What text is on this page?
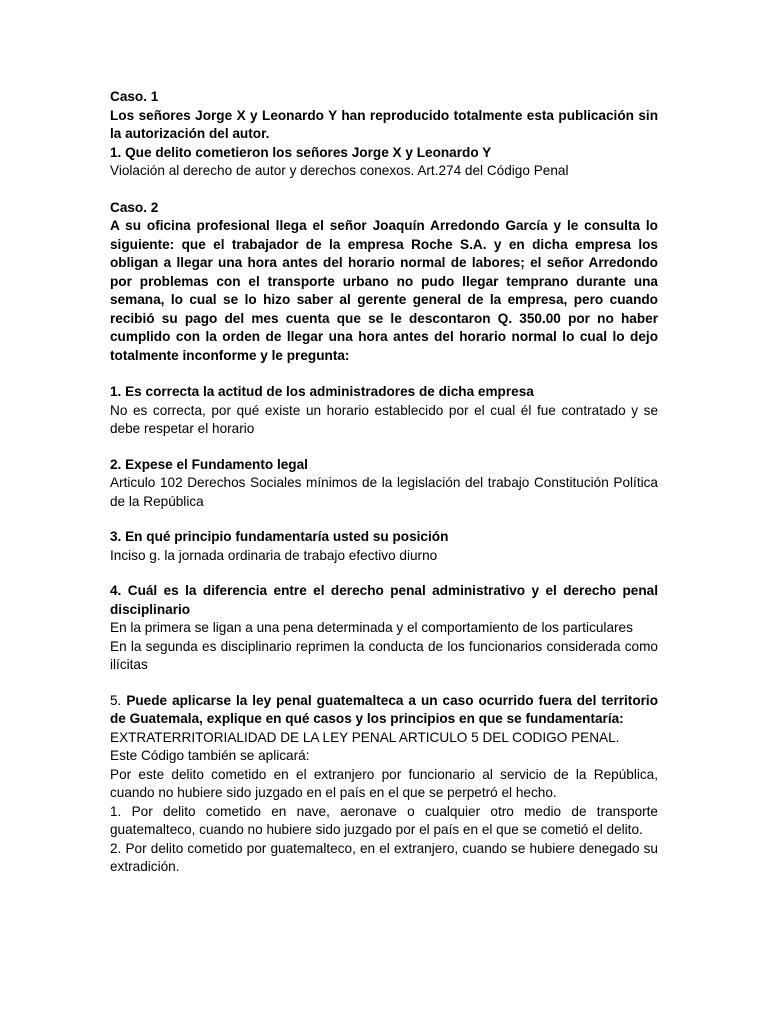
Caso. 1
Los señores Jorge X y Leonardo Y han reproducido totalmente esta publicación sin la autorización del autor.
1. Que delito cometieron los señores Jorge X y Leonardo Y
Violación al derecho de autor y derechos conexos. Art.274 del Código Penal
Caso. 2
A su oficina profesional llega el señor Joaquín Arredondo García y le consulta lo siguiente: que el trabajador de la empresa Roche S.A. y en dicha empresa los obligan a llegar una hora antes del horario normal de labores; el señor Arredondo por problemas con el transporte urbano no pudo llegar temprano durante una semana, lo cual se lo hizo saber al gerente general de la empresa, pero cuando recibió su pago del mes cuenta que se le descontaron Q. 350.00 por no haber cumplido con la orden de llegar una hora antes del horario normal lo cual lo dejo totalmente inconforme y le pregunta:
1. Es correcta la actitud de los administradores de dicha empresa
No es correcta, por qué existe un horario establecido por el cual él fue contratado y se debe respetar el horario
2. Expese el Fundamento legal
Articulo 102 Derechos Sociales mínimos de la legislación del trabajo Constitución Política de la República
3. En qué principio fundamentaría usted su posición
Inciso g. la jornada ordinaria de trabajo efectivo diurno
4. Cuál es la diferencia entre el derecho penal administrativo y el derecho penal disciplinario
En la primera se ligan a una pena determinada y el comportamiento de los particulares
En la segunda es disciplinario reprimen la conducta de los funcionarios considerada como ilícitas
5. Puede aplicarse la ley penal guatemalteca a un caso ocurrido fuera del territorio de Guatemala, explique en qué casos y los principios en que se fundamentaría:
EXTRATERRITORIALIDAD DE LA LEY PENAL ARTICULO 5 DEL CODIGO PENAL.
Este Código también se aplicará:
Por este delito cometido en el extranjero por funcionario al servicio de la República, cuando no hubiere sido juzgado en el país en el que se perpetró el hecho.
1. Por delito cometido en nave, aeronave o cualquier otro medio de transporte guatemalteco, cuando no hubiere sido juzgado por el país en el que se cometió el delito.
2. Por delito cometido por guatemalteco, en el extranjero, cuando se hubiere denegado su extradición.
